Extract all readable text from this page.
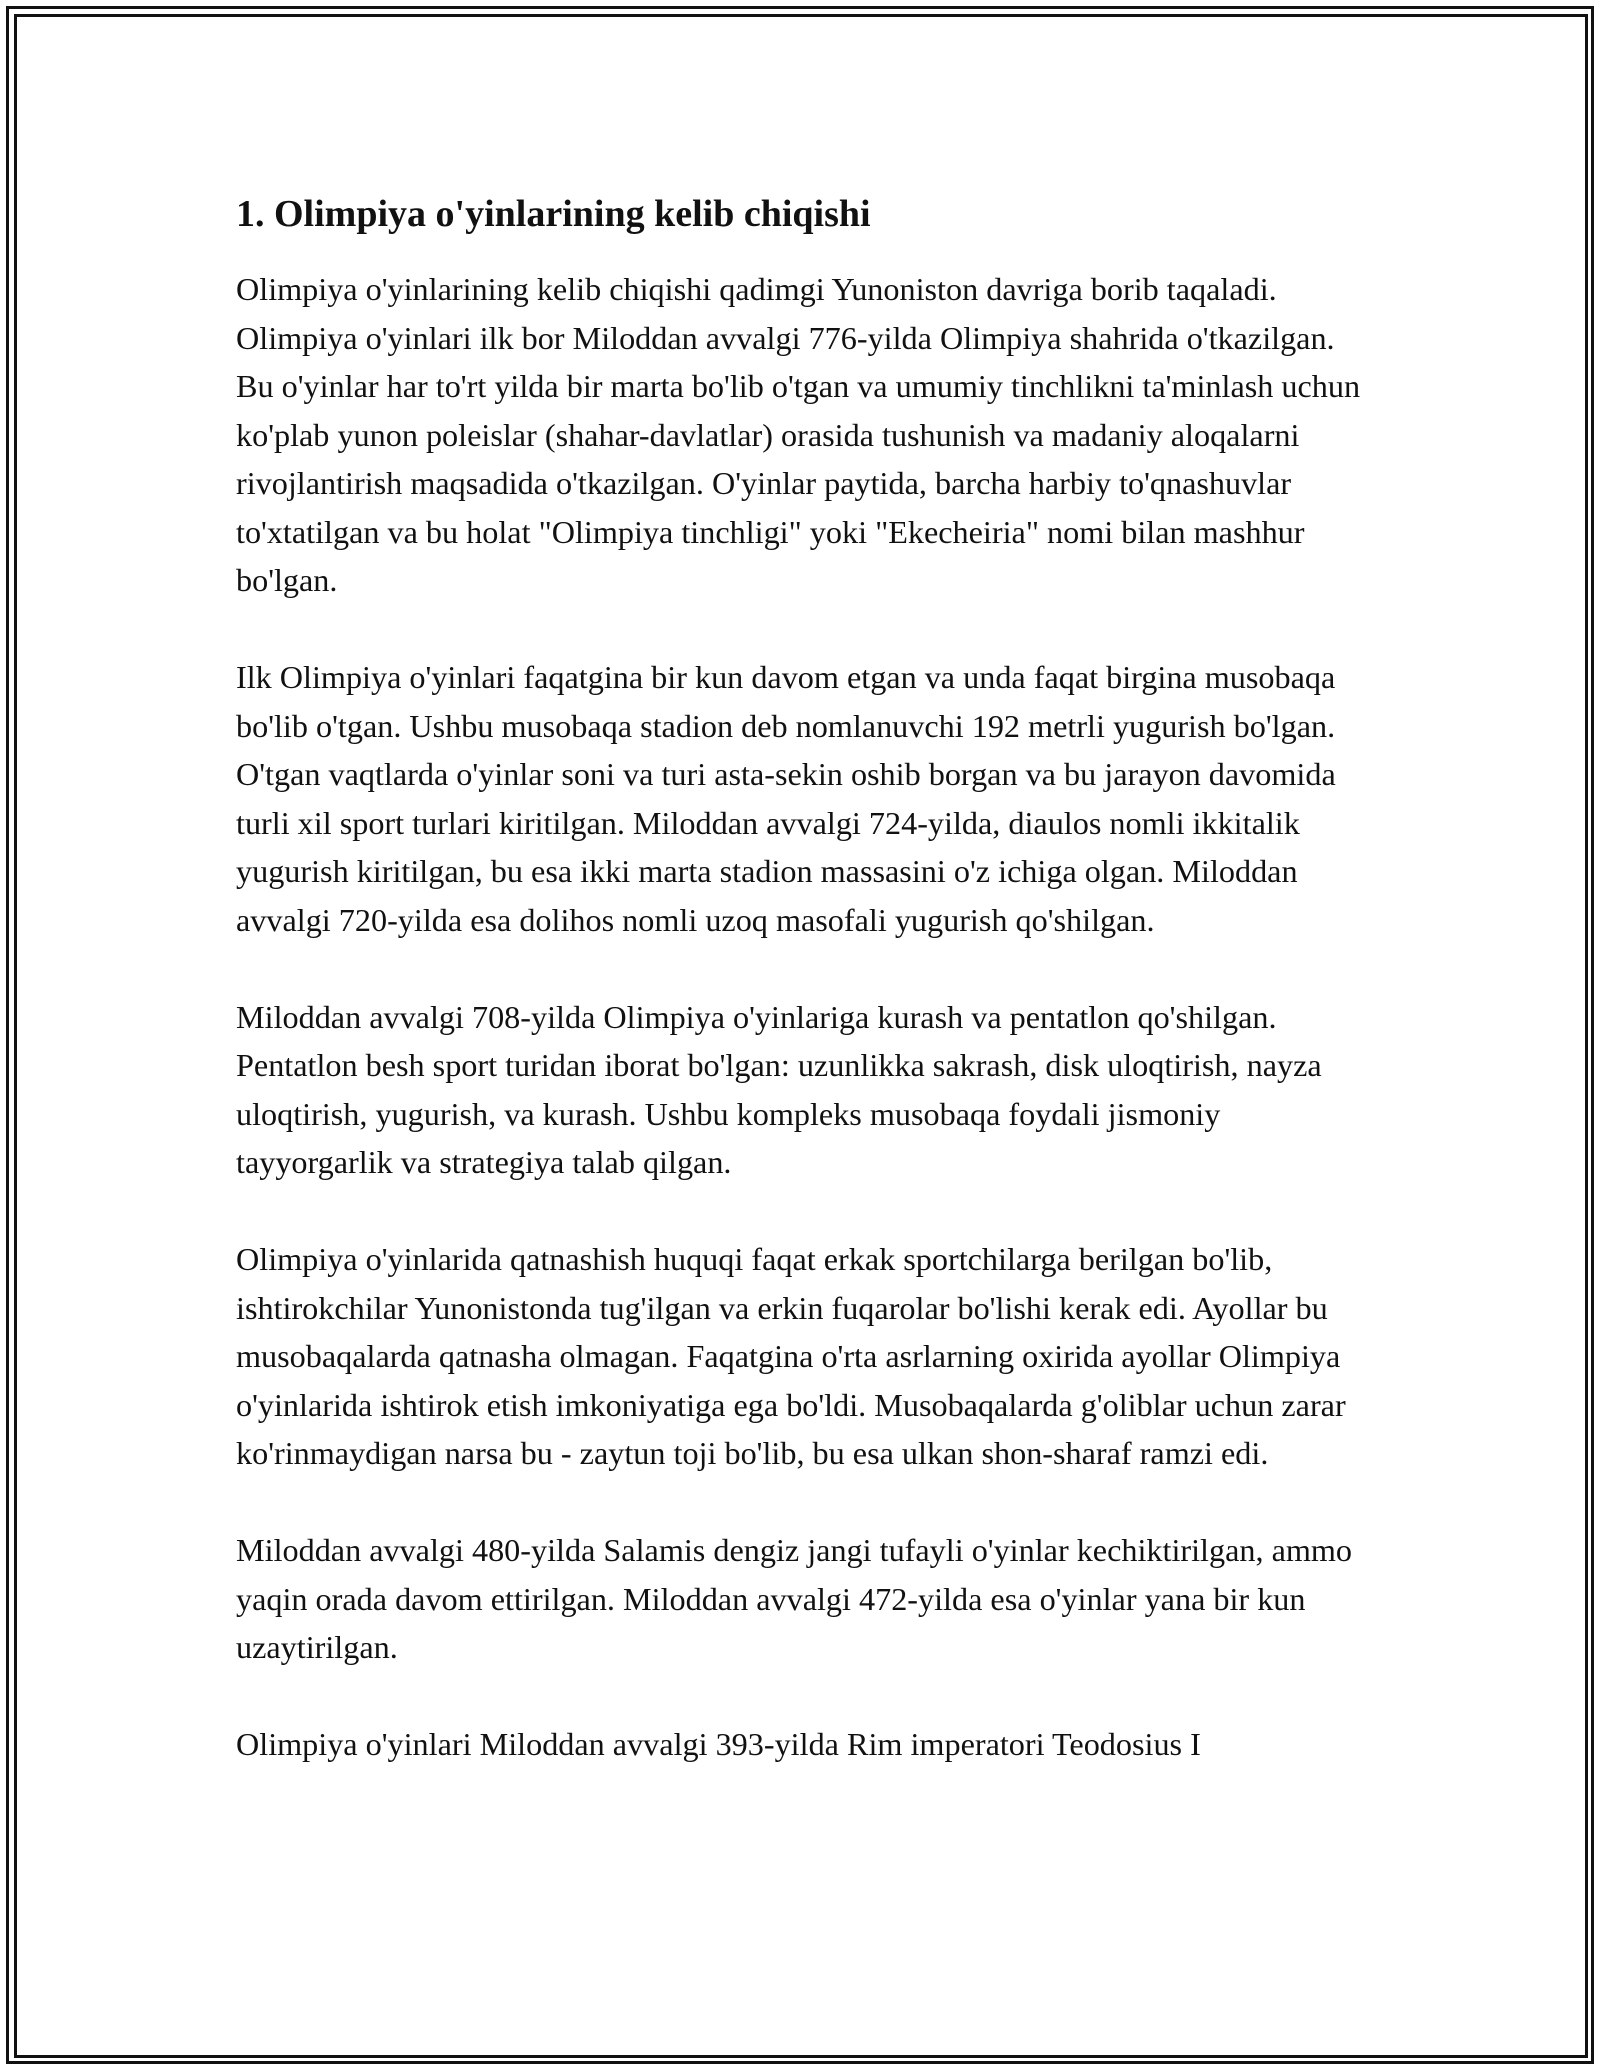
1. Olimpiya o'yinlarining kelib chiqishi

Olimpiya o'yinlarining kelib chiqishi qadimgi Yunoniston davriga borib taqaladi. Olimpiya o'yinlari ilk bor Miloddan avvalgi 776-yilda Olimpiya shahrida o'tkazilgan. Bu o'yinlar har to'rt yilda bir marta bo'lib o'tgan va umumiy tinchlikni ta'minlash uchun ko'plab yunon poleislar (shahar-davlatlar) orasida tushunish va madaniy aloqalarni rivojlantirish maqsadida o'tkazilgan. O'yinlar paytida, barcha harbiy to'qnashuvlar to'xtatilgan va bu holat "Olimpiya tinchligi" yoki "Ekecheiria" nomi bilan mashhur bo'lgan.

Ilk Olimpiya o'yinlari faqatgina bir kun davom etgan va unda faqat birgina musobaqa bo'lib o'tgan. Ushbu musobaqa stadion deb nomlanuvchi 192 metrli yugurish bo'lgan. O'tgan vaqtlarda o'yinlar soni va turi asta-sekin oshib borgan va bu jarayon davomida turli xil sport turlari kiritilgan. Miloddan avvalgi 724-yilda, diaulos nomli ikkitalik yugurish kiritilgan, bu esa ikki marta stadion massasini o'z ichiga olgan. Miloddan avvalgi 720-yilda esa dolihos nomli uzoq masofali yugurish qo'shilgan.

Miloddan avvalgi 708-yilda Olimpiya o'yinlariga kurash va pentatlon qo'shilgan. Pentatlon besh sport turidan iborat bo'lgan: uzunlikka sakrash, disk uloqtirish, nayza uloqtirish, yugurish, va kurash. Ushbu kompleks musobaqa foydali jismoniy tayyorgarlik va strategiya talab qilgan.

Olimpiya o'yinlarida qatnashish huquqi faqat erkak sportchilarga berilgan bo'lib, ishtirokchilar Yunonistonda tug'ilgan va erkin fuqarolar bo'lishi kerak edi. Ayollar bu musobaqalarda qatnasha olmagan. Faqatgina o'rta asrlarning oxirida ayollar Olimpiya o'yinlarida ishtirok etish imkoniyatiga ega bo'ldi. Musobaqalarda g'oliblar uchun zarar ko'rinmaydigan narsa bu - zaytun toji bo'lib, bu esa ulkan shon-sharaf ramzi edi.

Miloddan avvalgi 480-yilda Salamis dengiz jangi tufayli o'yinlar kechiktirilgan, ammo yaqin orada davom ettirilgan. Miloddan avvalgi 472-yilda esa o'yinlar yana bir kun uzaytirilgan.

Olimpiya o'yinlari Miloddan avvalgi 393-yilda Rim imperatori Teodosius I
